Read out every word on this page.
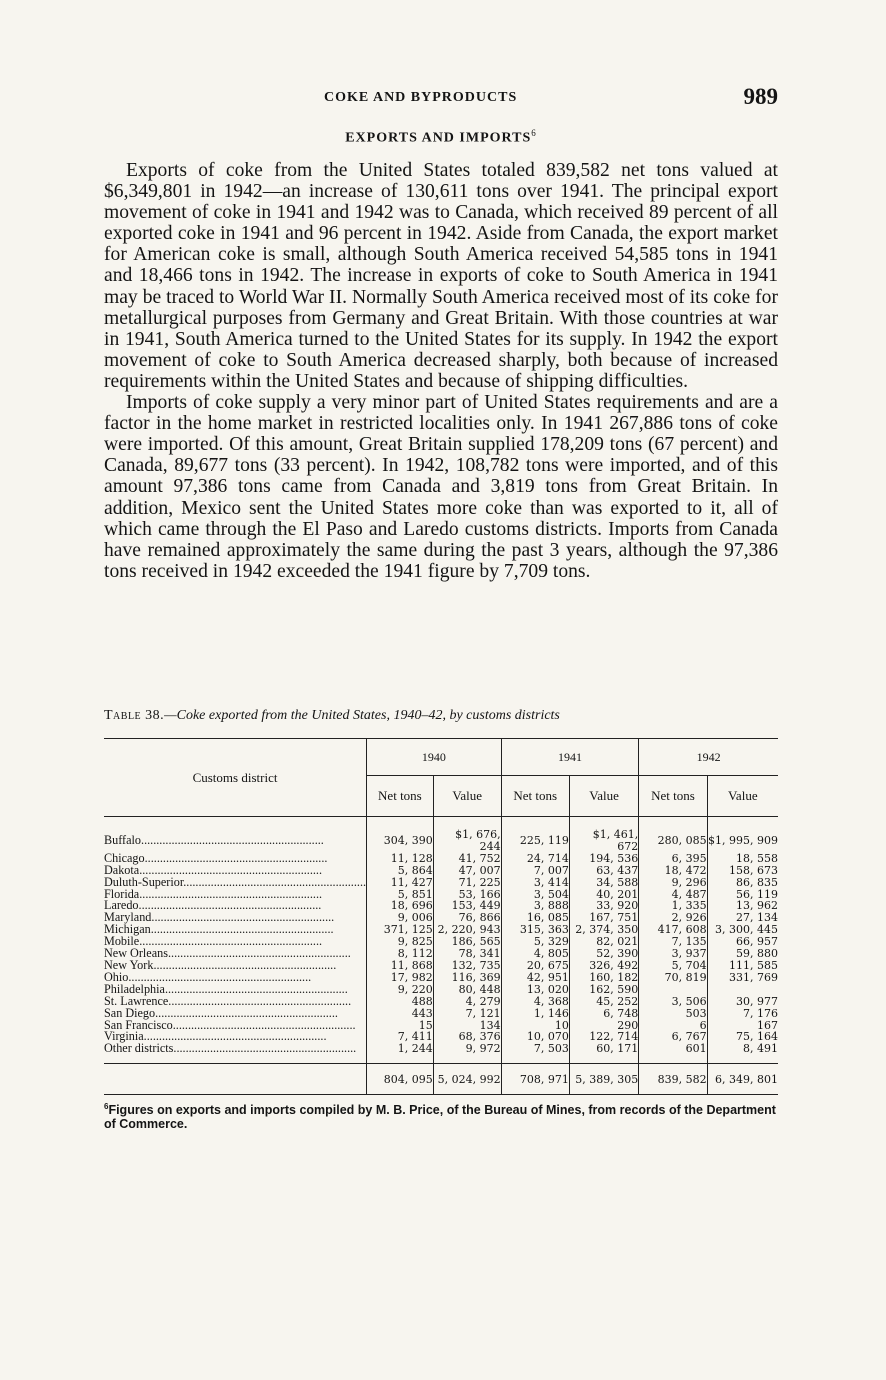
COKE AND BYPRODUCTS	989
EXPORTS AND IMPORTS$^6$

Exports of coke from the United States totaled 839,582 net tons valued at $6,349,801 in 1942—an increase of 130,611 tons over 1941. The principal export movement of coke in 1941 and 1942 was to Canada, which received 89 percent of all exported coke in 1941 and 96 percent in 1942. Aside from Canada, the export market for American coke is small, although South America received 54,585 tons in 1941 and 18,466 tons in 1942. The increase in exports of coke to South America in 1941 may be traced to World War II. Normally South America received most of its coke for metallurgical purposes from Germany and Great Britain. With those countries at war in 1941, South America turned to the United States for its supply. In 1942 the export movement of coke to South America decreased sharply, both because of increased requirements within the United States and because of shipping difficulties.

Imports of coke supply a very minor part of United States requirements and are a factor in the home market in restricted localities only. In 1941 267,886 tons of coke were imported. Of this amount, Great Britain supplied 178,209 tons (67 percent) and Canada, 89,677 tons (33 percent). In 1942, 108,782 tons were imported, and of this amount 97,386 tons came from Canada and 3,819 tons from Great Britain. In addition, Mexico sent the United States more coke than was exported to it, all of which came through the El Paso and Laredo customs districts. Imports from Canada have remained approximately the same during the past 3 years, although the 97,386 tons received in 1942 exceeded the 1941 figure by 7,709 tons.

Table 38.—Coke exported from the United States, 1940–42, by customs districts
Customs district	1940		1941		1942	
	Net tons	Value	Net tons	Value	Net tons	Value
Buffalo............................................................	304, 390	$1, 676, 244	225, 119	$1, 461, 672	280, 085	$1, 995, 909
Chicago............................................................	11, 128	41, 752	24, 714	194, 536	6, 395	18, 558
Dakota............................................................	5, 864	47, 007	7, 007	63, 437	18, 472	158, 673
Duluth-Superior............................................................	11, 427	71, 225	3, 414	34, 588	9, 296	86, 835
Florida............................................................	5, 851	53, 166	3, 504	40, 201	4, 487	56, 119
Laredo............................................................	18, 696	153, 449	3, 888	33, 920	1, 335	13, 962
Maryland............................................................	9, 006	76, 866	16, 085	167, 751	2, 926	27, 134
Michigan............................................................	371, 125	2, 220, 943	315, 363	2, 374, 350	417, 608	3, 300, 445
Mobile............................................................	9, 825	186, 565	5, 329	82, 021	7, 135	66, 957
New Orleans............................................................	8, 112	78, 341	4, 805	52, 390	3, 937	59, 880
New York............................................................	11, 868	132, 735	20, 675	326, 492	5, 704	111, 585
Ohio............................................................	17, 982	116, 369	42, 951	160, 182	70, 819	331, 769
Philadelphia............................................................	9, 220	80, 448	13, 020	162, 590		
St. Lawrence............................................................	488	4, 279	4, 368	45, 252	3, 506	30, 977
San Diego............................................................	443	7, 121	1, 146	6, 748	503	7, 176
San Francisco............................................................	15	134	10	290	6	167
Virginia............................................................	7, 411	68, 376	10, 070	122, 714	6, 767	75, 164
Other districts............................................................	1, 244	9, 972	7, 503	60, 171	601	8, 491
	804, 095	5, 024, 992	708, 971	5, 389, 305	839, 582	6, 349, 801
$^6$Figures on exports and imports compiled by M. B. Price, of the Bureau of Mines, from records of the Department of Commerce.
